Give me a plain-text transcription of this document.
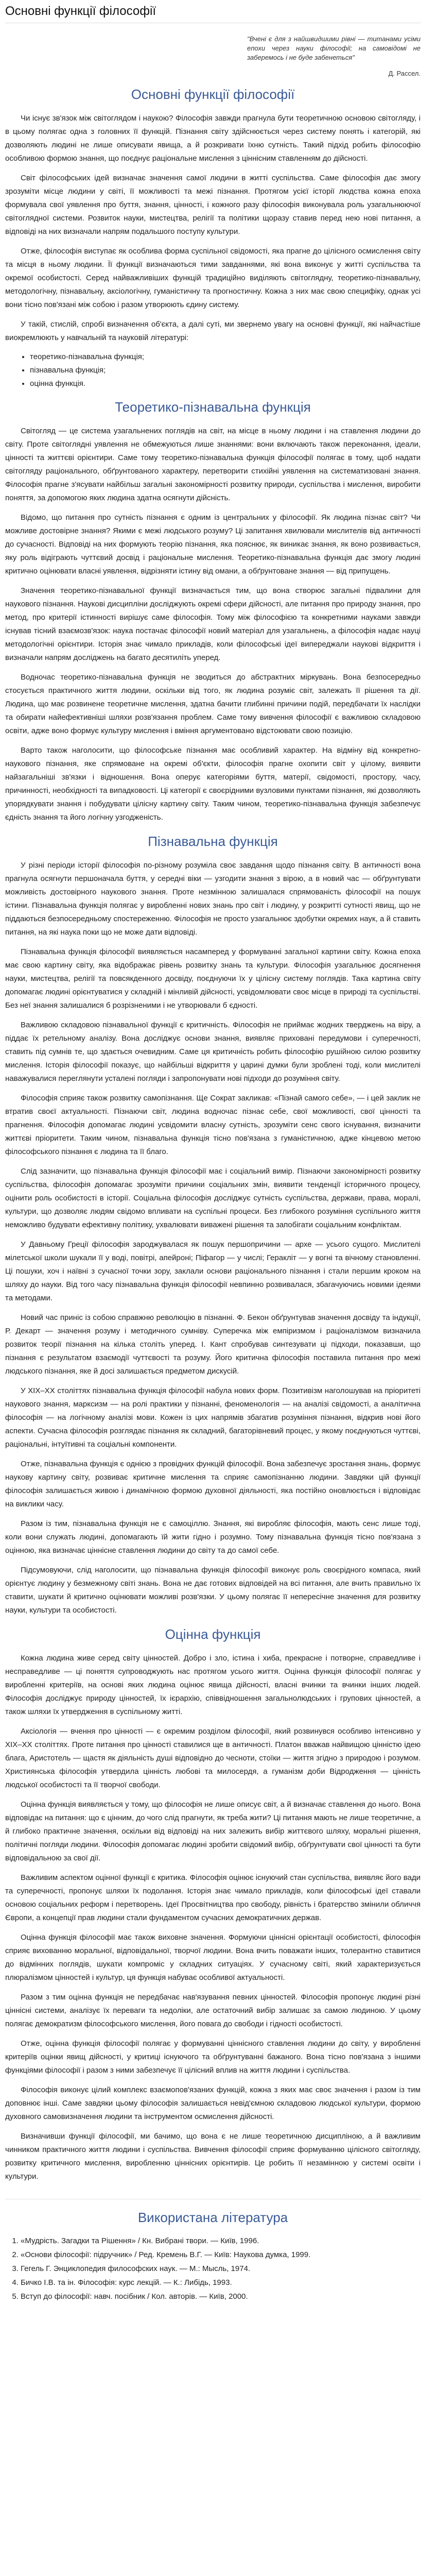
Основні функції філософії
"Вчені є для з найшвидшими рівні — титанами усіми епохи через науки філософії; на самовідомі не заберемось і не буде забенеться"
Д. Рассел.
Основні функції філософії

Чи існує зв'язок між світоглядом і наукою? Філософія завжди прагнула бути теоретичною основою світогляду, і в цьому полягає одна з головних її функцій. Пізнання світу здійснюється через систему понять і категорій, які дозволяють людині не лише описувати явища, а й розкривати їхню сутність. Такий підхід робить філософію особливою формою знання, що поєднує раціональне мислення з ціннісним ставленням до дійсності.

Світ філософських ідей визначає значення самої людини в житті суспільства. Саме філософія дає змогу зрозуміти місце людини у світі, її можливості та межі пізнання. Протягом усієї історії людства кожна епоха формувала свої уявлення про буття, знання, цінності, і кожного разу філософія виконувала роль узагальнюючої світоглядної системи. Розвиток науки, мистецтва, релігії та політики щоразу ставив перед нею нові питання, а відповіді на них визначали напрям подальшого поступу культури.

Отже, філософія виступає як особлива форма суспільної свідомості, яка прагне до цілісного осмислення світу та місця в ньому людини. Її функції визначаються тими завданнями, які вона виконує у житті суспільства та окремої особистості. Серед найважливіших функцій традиційно виділяють світоглядну, теоретико-пізнавальну, методологічну, пізнавальну, аксіологічну, гуманістичну та прогностичну. Кожна з них має свою специфіку, однак усі вони тісно пов'язані між собою і разом утворюють єдину систему.

У такій, стислій, спробі визначення об'єкта, а далі суті, ми звернемо увагу на основні функції, які найчастіше виокремлюють у навчальній та науковій літературі:

• теоретико-пізнавальна функція;
• пізнавальна функція;
• оцінна функція.
Теоретико-пізнавальна функція

Світогляд — це система узагальнених поглядів на світ, на місце в ньому людини і на ставлення людини до світу. Проте світоглядні уявлення не обмежуються лише знаннями: вони включають також переконання, ідеали, цінності та життєві орієнтири. Саме тому теоретико-пізнавальна функція філософії полягає в тому, щоб надати світогляду раціонального, обґрунтованого характеру, перетворити стихійні уявлення на систематизовані знання. Філософія прагне з'ясувати найбільш загальні закономірності розвитку природи, суспільства і мислення, виробити поняття, за допомогою яких людина здатна осягнути дійсність.

Відомо, що питання про сутність пізнання є одним із центральних у філософії. Як людина пізнає світ? Чи можливе достовірне знання? Якими є межі людського розуму? Ці запитання хвилювали мислителів від античності до сучасності. Відповіді на них формують теорію пізнання, яка пояснює, як виникає знання, як воно розвивається, яку роль відіграють чуттєвий досвід і раціональне мислення. Теоретико-пізнавальна функція дає змогу людині критично оцінювати власні уявлення, відрізняти істину від омани, а обґрунтоване знання — від припущень.

Значення теоретико-пізнавальної функції визначається тим, що вона створює загальні підвалини для наукового пізнання. Наукові дисципліни досліджують окремі сфери дійсності, але питання про природу знання, про метод, про критерії істинності вирішує саме філософія. Тому між філософією та конкретними науками завжди існував тісний взаємозв'язок: наука постачає філософії новий матеріал для узагальнень, а філософія надає науці методологічні орієнтири. Історія знає чимало прикладів, коли філософські ідеї випереджали наукові відкриття і визначали напрям досліджень на багато десятиліть уперед.

Водночас теоретико-пізнавальна функція не зводиться до абстрактних міркувань. Вона безпосередньо стосується практичного життя людини, оскільки від того, як людина розуміє світ, залежать її рішення та дії. Людина, що має розвинене теоретичне мислення, здатна бачити глибинні причини подій, передбачати їх наслідки та обирати найефективніші шляхи розв'язання проблем. Саме тому вивчення філософії є важливою складовою освіти, адже воно формує культуру мислення і вміння аргументовано відстоювати свою позицію.

Варто також наголосити, що філософське пізнання має особливий характер. На відміну від конкретно-наукового пізнання, яке спрямоване на окремі об'єкти, філософія прагне охопити світ у цілому, виявити найзагальніші зв'язки і відношення. Вона оперує категоріями буття, матерії, свідомості, простору, часу, причинності, необхідності та випадковості. Ці категорії є своєрідними вузловими пунктами пізнання, які дозволяють упорядкувати знання і побудувати цілісну картину світу. Таким чином, теоретико-пізнавальна функція забезпечує єдність знання та його логічну узгодженість.

Пізнавальна функція

У різні періоди історії філософія по-різному розуміла своє завдання щодо пізнання світу. В античності вона прагнула осягнути першоначала буття, у середні віки — узгодити знання з вірою, а в новий час — обґрунтувати можливість достовірного наукового знання. Проте незмінною залишалася спрямованість філософії на пошук істини. Пізнавальна функція полягає у виробленні нових знань про світ і людину, у розкритті сутності явищ, що не піддаються безпосередньому спостереженню. Філософія не просто узагальнює здобутки окремих наук, а й ставить питання, на які наука поки що не може дати відповіді.

Пізнавальна функція філософії виявляється насамперед у формуванні загальної картини світу. Кожна епоха має свою картину світу, яка відображає рівень розвитку знань та культури. Філософія узагальнює досягнення науки, мистецтва, релігії та повсякденного досвіду, поєднуючи їх у цілісну систему поглядів. Така картина світу допомагає людині орієнтуватися у складній і мінливій дійсності, усвідомлювати своє місце в природі та суспільстві. Без неї знання залишалися б розрізненими і не утворювали б єдності.

Важливою складовою пізнавальної функції є критичність. Філософія не приймає жодних тверджень на віру, а піддає їх ретельному аналізу. Вона досліджує основи знання, виявляє приховані передумови і суперечності, ставить під сумнів те, що здається очевидним. Саме ця критичність робить філософію рушійною силою розвитку мислення. Історія філософії показує, що найбільші відкриття у царині думки були зроблені тоді, коли мислителі наважувалися переглянути усталені погляди і запропонувати нові підходи до розуміння світу.

Філософія сприяє також розвитку самопізнання. Ще Сократ закликав: «Пізнай самого себе», — і цей заклик не втратив своєї актуальності. Пізнаючи світ, людина водночас пізнає себе, свої можливості, свої цінності та прагнення. Філософія допомагає людині усвідомити власну сутність, зрозуміти сенс свого існування, визначити життєві пріоритети. Таким чином, пізнавальна функція тісно пов'язана з гуманістичною, адже кінцевою метою філософського пізнання є людина та її благо.

Слід зазначити, що пізнавальна функція філософії має і соціальний вимір. Пізнаючи закономірності розвитку суспільства, філософія допомагає зрозуміти причини соціальних змін, виявити тенденції історичного процесу, оцінити роль особистості в історії. Соціальна філософія досліджує сутність суспільства, держави, права, моралі, культури, що дозволяє людям свідомо впливати на суспільні процеси. Без глибокого розуміння суспільного життя неможливо будувати ефективну політику, ухвалювати виважені рішення та запобігати соціальним конфліктам.

У Давньому Греції філософія зароджувалася як пошук першопричини — архе — усього сущого. Мислителі мілетської школи шукали її у воді, повітрі, апейроні; Піфагор — у числі; Геракліт — у вогні та вічному становленні. Ці пошуки, хоч і наївні з сучасної точки зору, заклали основи раціонального пізнання і стали першим кроком на шляху до науки. Від того часу пізнавальна функція філософії невпинно розвивалася, збагачуючись новими ідеями та методами.

Новий час приніс із собою справжню революцію в пізнанні. Ф. Бекон обґрунтував значення досвіду та індукції, Р. Декарт — значення розуму і методичного сумніву. Суперечка між емпіризмом і раціоналізмом визначила розвиток теорії пізнання на кілька століть уперед. І. Кант спробував синтезувати ці підходи, показавши, що пізнання є результатом взаємодії чуттєвості та розуму. Його критична філософія поставила питання про межі людського пізнання, яке й досі залишається предметом дискусій.

У ХІХ–ХХ століттях пізнавальна функція філософії набула нових форм. Позитивізм наголошував на пріоритеті наукового знання, марксизм — на ролі практики у пізнанні, феноменологія — на аналізі свідомості, а аналітична філософія — на логічному аналізі мови. Кожен із цих напрямів збагатив розуміння пізнання, відкрив нові його аспекти. Сучасна філософія розглядає пізнання як складний, багаторівневий процес, у якому поєднуються чуттєві, раціональні, інтуїтивні та соціальні компоненти.

Отже, пізнавальна функція є однією з провідних функцій філософії. Вона забезпечує зростання знань, формує наукову картину світу, розвиває критичне мислення та сприяє самопізнанню людини. Завдяки цій функції філософія залишається живою і динамічною формою духовної діяльності, яка постійно оновлюється і відповідає на виклики часу.

Разом із тим, пізнавальна функція не є самоціллю. Знання, які виробляє філософія, мають сенс лише тоді, коли вони служать людині, допомагають їй жити гідно і розумно. Тому пізнавальна функція тісно пов'язана з оцінною, яка визначає ціннісне ставлення людини до світу та до самої себе.

Підсумовуючи, слід наголосити, що пізнавальна функція філософії виконує роль своєрідного компаса, який орієнтує людину у безмежному світі знань. Вона не дає готових відповідей на всі питання, але вчить правильно їх ставити, шукати й критично оцінювати можливі розв'язки. У цьому полягає її непересічне значення для розвитку науки, культури та особистості.

Оцінна функція

Кожна людина живе серед світу цінностей. Добро і зло, істина і хиба, прекрасне і потворне, справедливе і несправедливе — ці поняття супроводжують нас протягом усього життя. Оцінна функція філософії полягає у виробленні критеріїв, на основі яких людина оцінює явища дійсності, власні вчинки та вчинки інших людей. Філософія досліджує природу цінностей, їх ієрархію, співвідношення загальнолюдських і групових цінностей, а також шляхи їх утвердження в суспільному житті.

Аксіологія — вчення про цінності — є окремим розділом філософії, який розвинувся особливо інтенсивно у ХІХ–ХХ століттях. Проте питання про цінності ставилися ще в античності. Платон вважав найвищою цінністю ідею блага, Аристотель — щастя як діяльність душі відповідно до чесноти, стоїки — життя згідно з природою і розумом. Християнська філософія утвердила цінність любові та милосердя, а гуманізм доби Відродження — цінність людської особистості та її творчої свободи.

Оцінна функція виявляється у тому, що філософія не лише описує світ, а й визначає ставлення до нього. Вона відповідає на питання: що є цінним, до чого слід прагнути, як треба жити? Ці питання мають не лише теоретичне, а й глибоко практичне значення, оскільки від відповіді на них залежить вибір життєвого шляху, моральні рішення, політичні погляди людини. Філософія допомагає людині зробити свідомий вибір, обґрунтувати свої цінності та бути відповідальною за свої дії.

Важливим аспектом оцінної функції є критика. Філософія оцінює існуючий стан суспільства, виявляє його вади та суперечності, пропонує шляхи їх подолання. Історія знає чимало прикладів, коли філософські ідеї ставали основою соціальних реформ і перетворень. Ідеї Просвітництва про свободу, рівність і братерство змінили обличчя Європи, а концепції прав людини стали фундаментом сучасних демократичних держав.

Оцінна функція філософії має також виховне значення. Формуючи ціннісні орієнтації особистості, філософія сприяє вихованню моральної, відповідальної, творчої людини. Вона вчить поважати інших, толерантно ставитися до відмінних поглядів, шукати компроміс у складних ситуаціях. У сучасному світі, який характеризується плюралізмом цінностей і культур, ця функція набуває особливої актуальності.

Разом з тим оцінна функція не передбачає нав'язування певних цінностей. Філософія пропонує людині різні ціннісні системи, аналізує їх переваги та недоліки, але остаточний вибір залишає за самою людиною. У цьому полягає демократизм філософського мислення, його повага до свободи і гідності особистості.

Отже, оцінна функція філософії полягає у формуванні ціннісного ставлення людини до світу, у виробленні критеріїв оцінки явищ дійсності, у критиці існуючого та обґрунтуванні бажаного. Вона тісно пов'язана з іншими функціями філософії і разом з ними забезпечує її цілісний вплив на життя людини і суспільства.

Філософія виконує цілий комплекс взаємопов'язаних функцій, кожна з яких має своє значення і разом із тим доповнює інші. Саме завдяки цьому філософія залишається невід'ємною складовою людської культури, формою духовного самовизначення людини та інструментом осмислення дійсності.

Визначивши функції філософії, ми бачимо, що вона є не лише теоретичною дисципліною, а й важливим чинником практичного життя людини і суспільства. Вивчення філософії сприяє формуванню цілісного світогляду, розвитку критичного мислення, виробленню ціннісних орієнтирів. Це робить її незамінною у системі освіти і культури.

Використана література
1. «Мудрість. Загадки та Рішення» / Кн. Вибрані твори. — Київ, 1996.
2. «Основи філософії: підручник» / Ред. Кремень В.Г. — Київ: Наукова думка, 1999.
3. Гегель Г. Энциклопедия философских наук. — М.: Мысль, 1974.
4. Бичко І.В. та ін. Філософія: курс лекцій. — К.: Либідь, 1993.
5. Вступ до філософії: навч. посібник / Кол. авторів. — Київ, 2000.
